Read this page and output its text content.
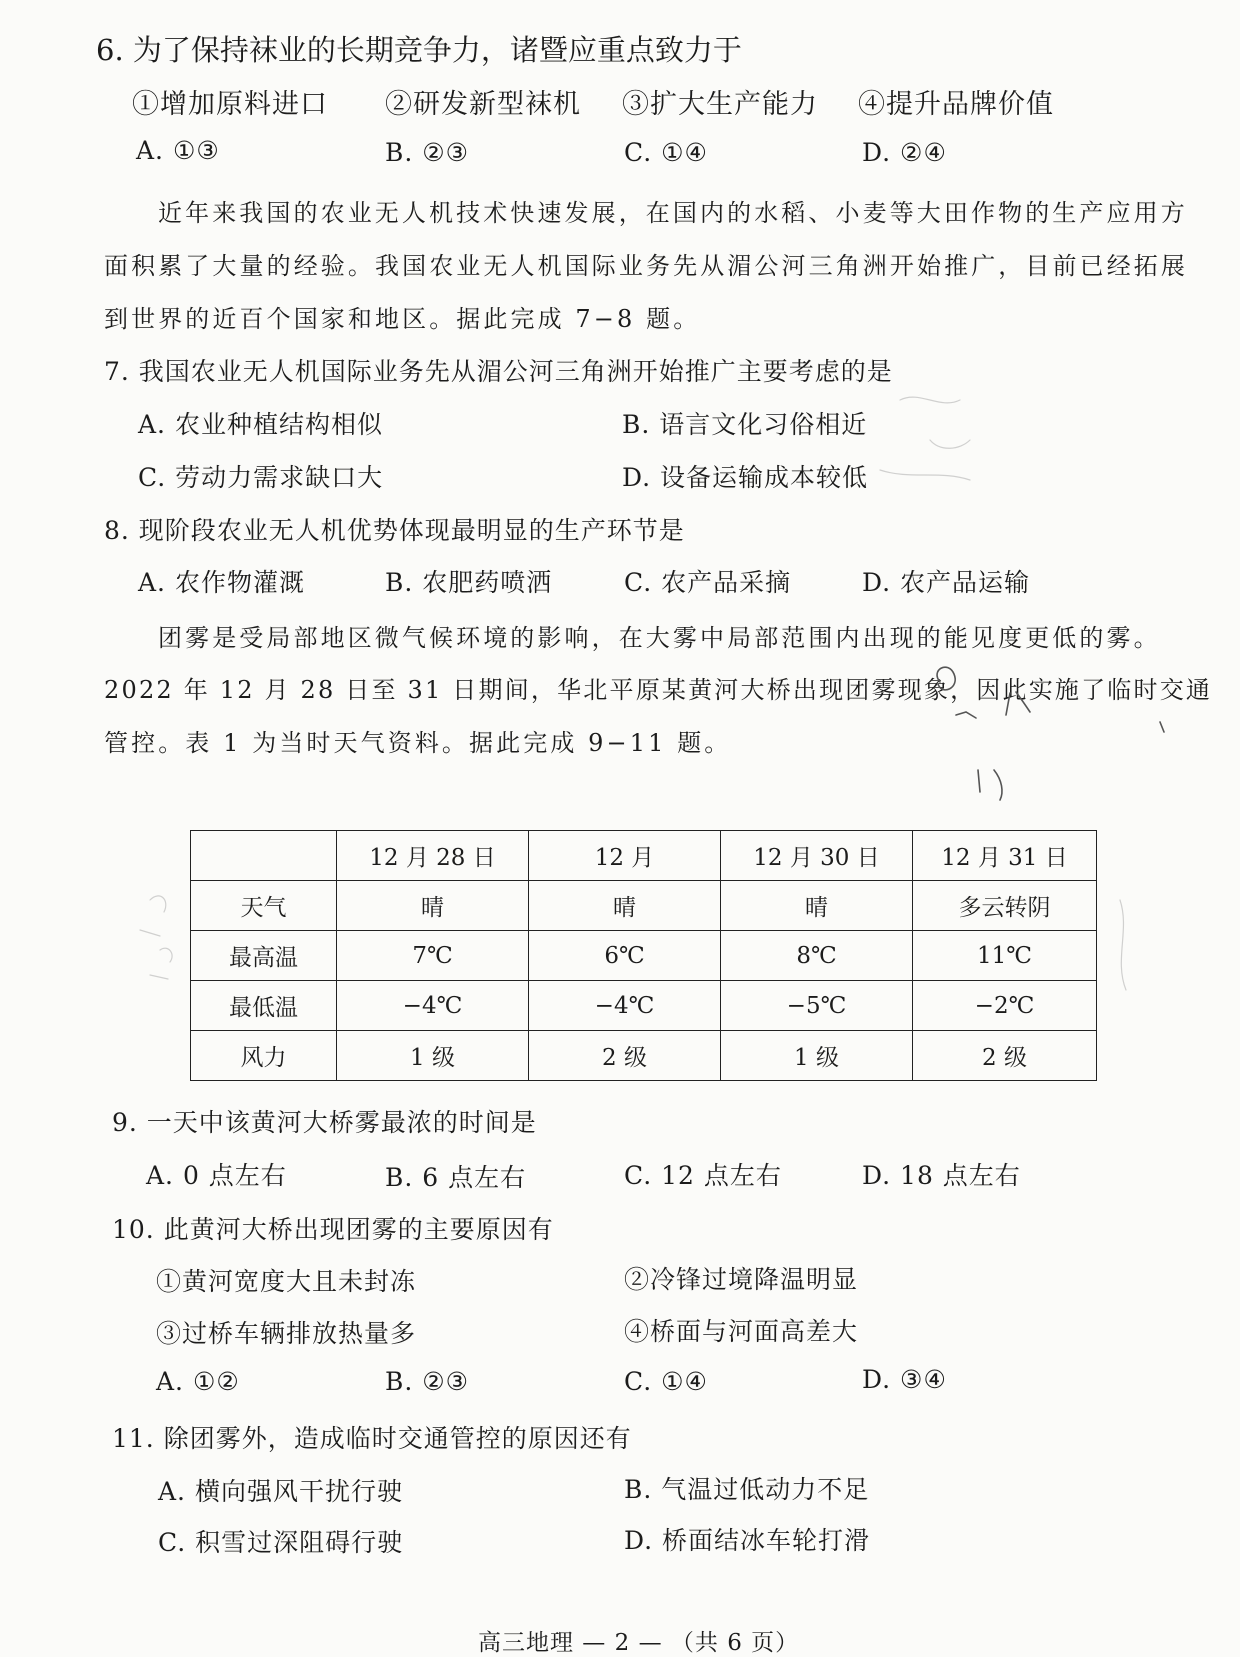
6. 为了保持袜业的长期竞争力，诸暨应重点致力于
①增加原料进口 ②研发新型袜机 ③扩大生产能力 ④提升品牌价值
A. ①③	B. ②③	C. ①④	D. ②④
近年来我国的农业无人机技术快速发展，在国内的水稻、小麦等大田作物的生产应用方
面积累了大量的经验。我国农业无人机国际业务先从湄公河三角洲开始推广，目前已经拓展
到世界的近百个国家和地区。据此完成 7−8 题。
7. 我国农业无人机国际业务先从湄公河三角洲开始推广主要考虑的是
A. 农业种植结构相似	B. 语言文化习俗相近
C. 劳动力需求缺口大	D. 设备运输成本较低
8. 现阶段农业无人机优势体现最明显的生产环节是
A. 农作物灌溉	B. 农肥药喷洒	C. 农产品采摘	D. 农产品运输
团雾是受局部地区微气候环境的影响，在大雾中局部范围内出现的能见度更低的雾。
2022 年 12 月 28 日至 31 日期间，华北平原某黄河大桥出现团雾现象，因此实施了临时交通
管控。表 1 为当时天气资料。据此完成 9−11 题。
	12 月 28 日	12 月	12 月 30 日	12 月 31 日
天气	晴	晴	晴	多云转阴
最高温	7℃	6℃	8℃	11℃
最低温	−4℃	−4℃	−5℃	−2℃
风力	1 级	2 级	1 级	2 级
9. 一天中该黄河大桥雾最浓的时间是
A. 0 点左右	B. 6 点左右	C. 12 点左右	D. 18 点左右
10. 此黄河大桥出现团雾的主要原因有
①黄河宽度大且未封冻	②冷锋过境降温明显
③过桥车辆排放热量多	④桥面与河面高差大
A. ①②	B. ②③	C. ①④	D. ③④
11. 除团雾外，造成临时交通管控的原因还有
A. 横向强风干扰行驶	B. 气温过低动力不足
C. 积雪过深阻碍行驶	D. 桥面结冰车轮打滑
高三地理 — 2 — （共 6 页）
